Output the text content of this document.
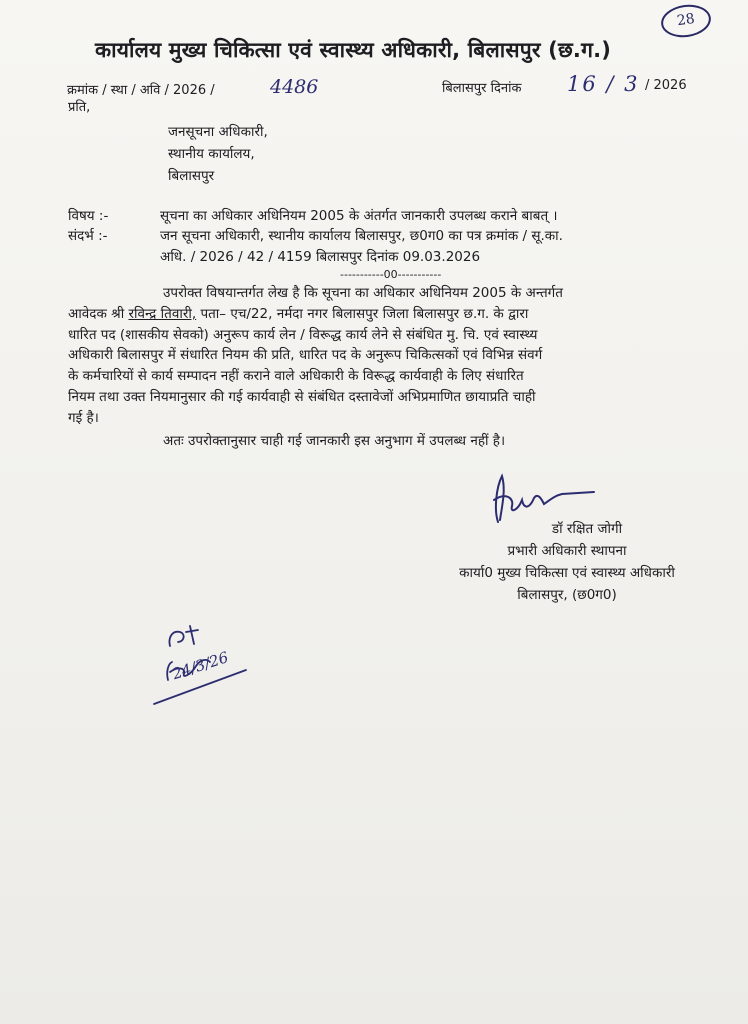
28
कार्यालय मुख्य चिकित्सा एवं स्वास्थ्य अधिकारी, बिलासपुर (छ.ग.)
क्रमांक / स्था / अवि / 2026 /	4486	बिलासपुर दिनांक 16 / 3 / 2026
प्रति,
जनसूचना अधिकारी,
स्थानीय कार्यालय,
बिलासपुर
विषय :-	सूचना का अधिकार अधिनियम 2005 के अंतर्गत जानकारी उपलब्ध कराने बाबत् ।
संदर्भ :-	जन सूचना अधिकारी, स्थानीय कार्यालय बिलासपुर, छ0ग0 का पत्र क्रमांक / सू.का.
अधि. / 2026 / 42 / 4159 बिलासपुर दिनांक 09.03.2026
-----------00-----------
उपरोक्त विषयान्तर्गत लेख है कि सूचना का अधिकार अधिनियम 2005 के अन्तर्गत
आवेदक श्री रविन्द्र तिवारी, पता– एच/22, नर्मदा नगर बिलासपुर जिला बिलासपुर छ.ग. के द्वारा
धारित पद (शासकीय सेवको) अनुरूप कार्य लेन / विरूद्ध कार्य लेने से संबंधित मु. चि. एवं स्वास्थ्य
अधिकारी बिलासपुर में संधारित नियम की प्रति, धारित पद के अनुरूप चिकित्सकों एवं विभिन्न संवर्ग
के कर्मचारियों से कार्य सम्पादन नहीं कराने वाले अधिकारी के विरूद्ध कार्यवाही के लिए संधारित
नियम तथा उक्त नियमानुसार की गई कार्यवाही से संबंधित दस्तावेजों अभिप्रमाणित छायाप्रति चाही
गई है।
अतः उपरोक्तानुसार चाही गई जानकारी इस अनुभाग में उपलब्ध नहीं है।
डॉ रक्षित जोगी
प्रभारी अधिकारी स्थापना
कार्या0 मुख्य चिकित्सा एवं स्वास्थ्य अधिकारी
बिलासपुर, (छ0ग0)
24/3/26
